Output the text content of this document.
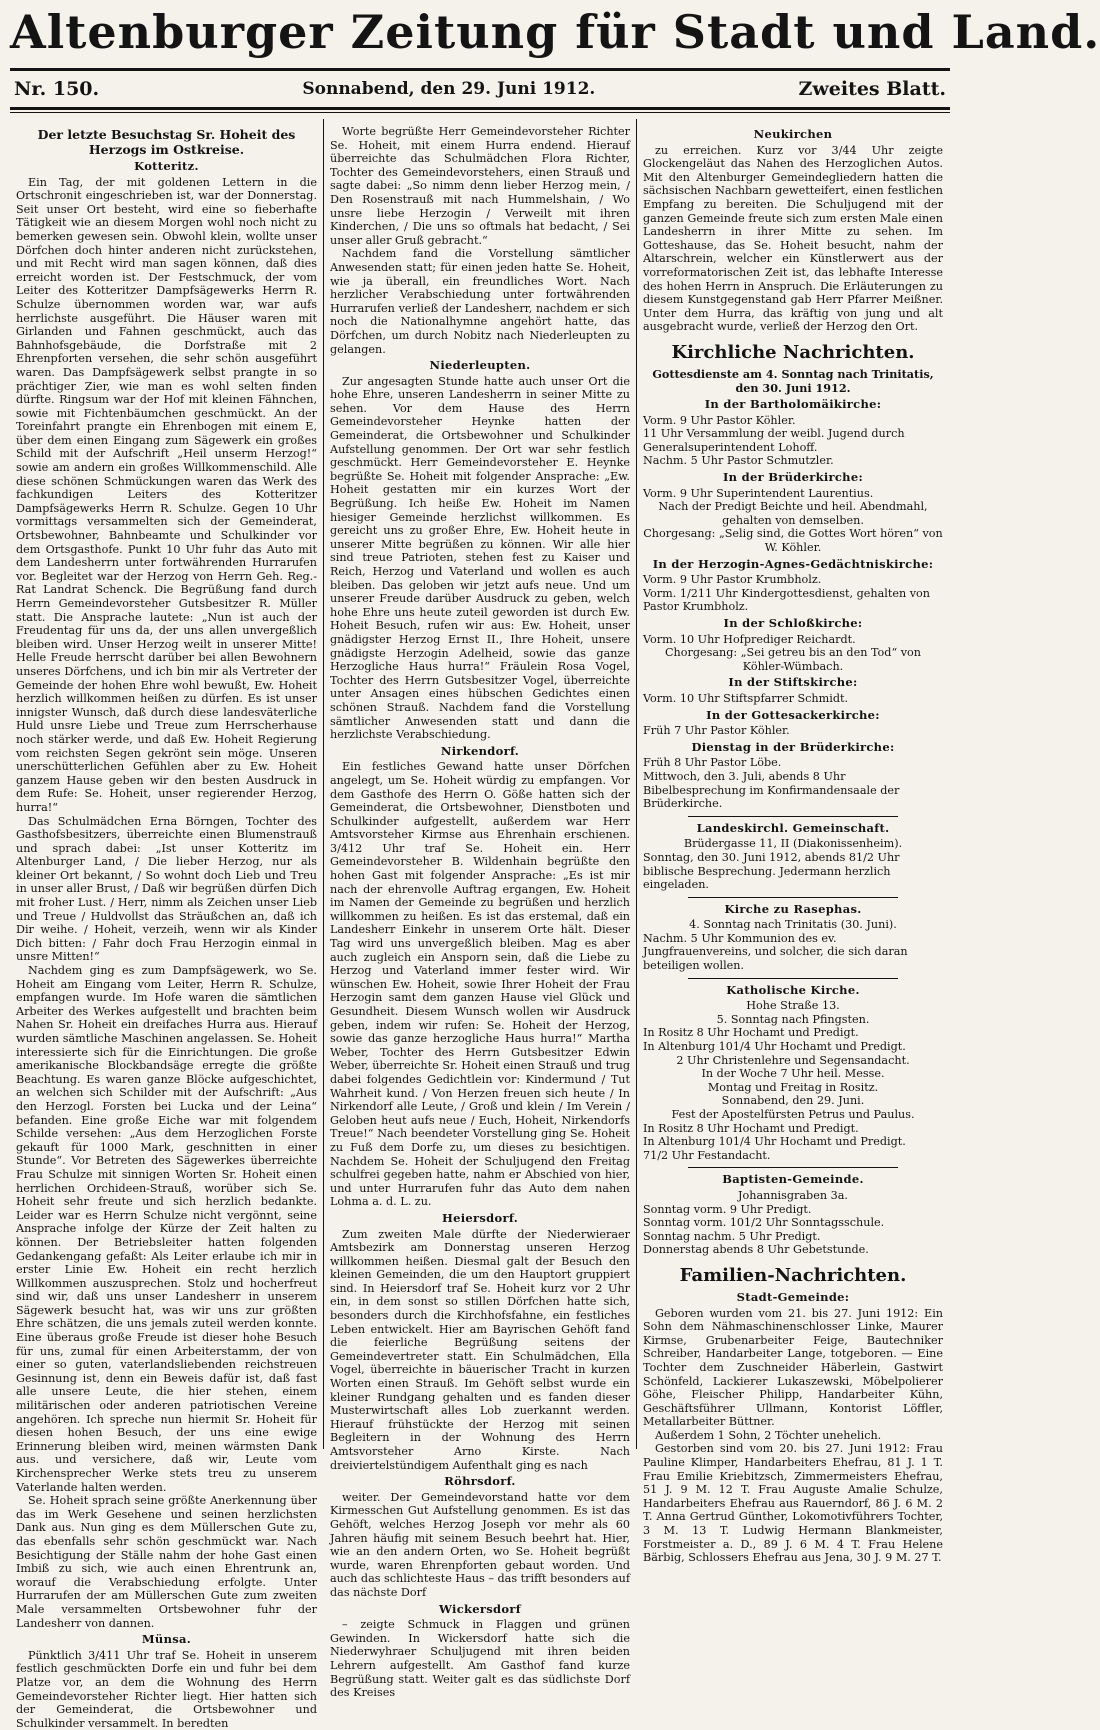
Altenburger Zeitung für Stadt und Land.
Nr. 150.	Sonnabend, den 29. Juni 1912.	Zweites Blatt.
Der letzte Besuchstag Sr. Hoheit des Herzogs im Ostkreise.
Kotteritz.

Ein Tag, der mit goldenen Lettern in die Ortschronit eingeschrieben ist, war der Donnerstag. Seit unser Ort besteht, wird eine so fieberhafte Tätigkeit wie an diesem Morgen wohl noch nicht zu bemerken gewesen sein. Obwohl klein, wollte unser Dörfchen doch hinter anderen nicht zurückstehen, und mit Recht wird man sagen können, daß dies erreicht worden ist. Der Festschmuck, der vom Leiter des Kotteritzer Dampfsägewerks Herrn R. Schulze übernommen worden war, war aufs herrlichste ausgeführt. Die Häuser waren mit Girlanden und Fahnen geschmückt, auch das Bahnhofsgebäude, die Dorfstraße mit 2 Ehrenpforten versehen, die sehr schön ausgeführt waren. Das Dampfsägewerk selbst prangte in so prächtiger Zier, wie man es wohl selten finden dürfte. Ringsum war der Hof mit kleinen Fähnchen, sowie mit Fichtenbäumchen geschmückt. An der Toreinfahrt prangte ein Ehrenbogen mit einem E, über dem einen Eingang zum Sägewerk ein großes Schild mit der Aufschrift „Heil unserm Herzog!“ sowie am andern ein großes Willkommenschild. Alle diese schönen Schmückungen waren das Werk des fachkundigen Leiters des Kotteritzer Dampfsägewerks Herrn R. Schulze. Gegen 10 Uhr vormittags versammelten sich der Gemeinderat, Ortsbewohner, Bahnbeamte und Schulkinder vor dem Ortsgasthofe. Punkt 10 Uhr fuhr das Auto mit dem Landesherrn unter fortwährenden Hurrarufen vor. Begleitet war der Herzog von Herrn Geh. Reg.-Rat Landrat Schenck. Die Begrüßung fand durch Herrn Gemeindevorsteher Gutsbesitzer R. Müller statt. Die Ansprache lautete: „Nun ist auch der Freudentag für uns da, der uns allen unvergeßlich bleiben wird. Unser Herzog weilt in unserer Mitte! Helle Freude herrscht darüber bei allen Bewohnern unseres Dörfchens, und ich bin mir als Vertreter der Gemeinde der hohen Ehre wohl bewußt, Ew. Hoheit herzlich willkommen heißen zu dürfen. Es ist unser innigster Wunsch, daß durch diese landesväterliche Huld unsre Liebe und Treue zum Herrscherhause noch stärker werde, und daß Ew. Hoheit Regierung vom reichsten Segen gekrönt sein möge. Unseren unerschütterlichen Gefühlen aber zu Ew. Hoheit ganzem Hause geben wir den besten Ausdruck in dem Rufe: Se. Hoheit, unser regierender Herzog, hurra!“

Das Schulmädchen Erna Börngen, Tochter des Gasthofsbesitzers, überreichte einen Blumenstrauß und sprach dabei: „Ist unser Kotteritz im Altenburger Land, / Die lieber Herzog, nur als kleiner Ort bekannt, / So wohnt doch Lieb und Treu in unser aller Brust, / Daß wir begrüßen dürfen Dich mit froher Lust. / Herr, nimm als Zeichen unser Lieb und Treue / Huldvollst das Sträußchen an, daß ich Dir weihe. / Hoheit, verzeih, wenn wir als Kinder Dich bitten: / Fahr doch Frau Herzogin einmal in unsre Mitten!“

Nachdem ging es zum Dampfsägewerk, wo Se. Hoheit am Eingang vom Leiter, Herrn R. Schulze, empfangen wurde. Im Hofe waren die sämtlichen Arbeiter des Werkes aufgestellt und brachten beim Nahen Sr. Hoheit ein dreifaches Hurra aus. Hierauf wurden sämtliche Maschinen angelassen. Se. Hoheit interessierte sich für die Einrichtungen. Die große amerikanische Blockbandsäge erregte die größte Beachtung. Es waren ganze Blöcke aufgeschichtet, an welchen sich Schilder mit der Aufschrift: „Aus den Herzogl. Forsten bei Lucka und der Leina“ befanden. Eine große Eiche war mit folgendem Schilde versehen: „Aus dem Herzoglichen Forste gekauft für 1000 Mark, geschnitten in einer Stunde“. Vor Betreten des Sägewerkes überreichte Frau Schulze mit sinnigen Worten Sr. Hoheit einen herrlichen Orchideen-Strauß, worüber sich Se. Hoheit sehr freute und sich herzlich bedankte. Leider war es Herrn Schulze nicht vergönnt, seine Ansprache infolge der Kürze der Zeit halten zu können. Der Betriebsleiter hatten folgenden Gedankengang gefaßt: Als Leiter erlaube ich mir in erster Linie Ew. Hoheit ein recht herzlich Willkommen auszusprechen. Stolz und hocherfreut sind wir, daß uns unser Landesherr in unserem Sägewerk besucht hat, was wir uns zur größten Ehre schätzen, die uns jemals zuteil werden konnte. Eine überaus große Freude ist dieser hohe Besuch für uns, zumal für einen Arbeiterstamm, der von einer so guten, vaterlandsliebenden reichstreuen Gesinnung ist, denn ein Beweis dafür ist, daß fast alle unsere Leute, die hier stehen, einem militärischen oder anderen patriotischen Vereine angehören. Ich spreche nun hiermit Sr. Hoheit für diesen hohen Besuch, der uns eine ewige Erinnerung bleiben wird, meinen wärmsten Dank aus. und versichere, daß wir, Leute vom Kirchensprecher Werke stets treu zu unserem Vaterlande halten werden.

Se. Hoheit sprach seine größte Anerkennung über das im Werk Gesehene und seinen herzlichsten Dank aus. Nun ging es dem Müllerschen Gute zu, das ebenfalls sehr schön geschmückt war. Nach Besichtigung der Ställe nahm der hohe Gast einen Imbiß zu sich, wie auch einen Ehrentrunk an, worauf die Verabschiedung erfolgte. Unter Hurrarufen der am Müllerschen Gute zum zweiten Male versammelten Ortsbewohner fuhr der Landesherr von dannen.

Münsa.

Pünktlich 3/411 Uhr traf Se. Hoheit in unserem festlich geschmückten Dorfe ein und fuhr bei dem Platze vor, an dem die Wohnung des Herrn Gemeindevorsteher Richter liegt. Hier hatten sich der Gemeinderat, die Ortsbewohner und Schulkinder versammelt. In beredten

Worte begrüßte Herr Gemeindevorsteher Richter Se. Hoheit, mit einem Hurra endend. Hierauf überreichte das Schulmädchen Flora Richter, Tochter des Gemeindevorstehers, einen Strauß und sagte dabei: „So nimm denn lieber Herzog mein, / Den Rosenstrauß mit nach Hummelshain, / Wo unsre liebe Herzogin / Verweilt mit ihren Kinderchen, / Die uns so oftmals hat bedacht, / Sei unser aller Gruß gebracht.“

Nachdem fand die Vorstellung sämtlicher Anwesenden statt; für einen jeden hatte Se. Hoheit, wie ja überall, ein freundliches Wort. Nach herzlicher Verabschiedung unter fortwährenden Hurrarufen verließ der Landesherr, nachdem er sich noch die Nationalhymne angehört hatte, das Dörfchen, um durch Nobitz nach Niederleupten zu gelangen.

Niederleupten.

Zur angesagten Stunde hatte auch unser Ort die hohe Ehre, unseren Landesherrn in seiner Mitte zu sehen. Vor dem Hause des Herrn Gemeindevorsteher Heynke hatten der Gemeinderat, die Ortsbewohner und Schulkinder Aufstellung genommen. Der Ort war sehr festlich geschmückt. Herr Gemeindevorsteher E. Heynke begrüßte Se. Hoheit mit folgender Ansprache: „Ew. Hoheit gestatten mir ein kurzes Wort der Begrüßung. Ich heiße Ew. Hoheit im Namen hiesiger Gemeinde herzlichst willkommen. Es gereicht uns zu großer Ehre, Ew. Hoheit heute in unserer Mitte begrüßen zu können. Wir alle hier sind treue Patrioten, stehen fest zu Kaiser und Reich, Herzog und Vaterland und wollen es auch bleiben. Das geloben wir jetzt aufs neue. Und um unserer Freude darüber Ausdruck zu geben, welch hohe Ehre uns heute zuteil geworden ist durch Ew. Hoheit Besuch, rufen wir aus: Ew. Hoheit, unser gnädigster Herzog Ernst II., Ihre Hoheit, unsere gnädigste Herzogin Adelheid, sowie das ganze Herzogliche Haus hurra!“ Fräulein Rosa Vogel, Tochter des Herrn Gutsbesitzer Vogel, überreichte unter Ansagen eines hübschen Gedichtes einen schönen Strauß. Nachdem fand die Vorstellung sämtlicher Anwesenden statt und dann die herzlichste Verabschiedung.

Nirkendorf.

Ein festliches Gewand hatte unser Dörfchen angelegt, um Se. Hoheit würdig zu empfangen. Vor dem Gasthofe des Herrn O. Göße hatten sich der Gemeinderat, die Ortsbewohner, Dienstboten und Schulkinder aufgestellt, außerdem war Herr Amtsvorsteher Kirmse aus Ehrenhain erschienen. 3/412 Uhr traf Se. Hoheit ein. Herr Gemeindevorsteher B. Wildenhain begrüßte den hohen Gast mit folgender Ansprache: „Es ist mir nach der ehrenvolle Auftrag ergangen, Ew. Hoheit im Namen der Gemeinde zu begrüßen und herzlich willkommen zu heißen. Es ist das erstemal, daß ein Landesherr Einkehr in unserem Orte hält. Dieser Tag wird uns unvergeßlich bleiben. Mag es aber auch zugleich ein Ansporn sein, daß die Liebe zu Herzog und Vaterland immer fester wird. Wir wünschen Ew. Hoheit, sowie Ihrer Hoheit der Frau Herzogin samt dem ganzen Hause viel Glück und Gesundheit. Diesem Wunsch wollen wir Ausdruck geben, indem wir rufen: Se. Hoheit der Herzog, sowie das ganze herzogliche Haus hurra!“ Martha Weber, Tochter des Herrn Gutsbesitzer Edwin Weber, überreichte Sr. Hoheit einen Strauß und trug dabei folgendes Gedichtlein vor: Kindermund / Tut Wahrheit kund. / Von Herzen freuen sich heute / In Nirkendorf alle Leute, / Groß und klein / Im Verein / Geloben heut aufs neue / Euch, Hoheit, Nirkendorfs Treue!“ Nach beendeter Vorstellung ging Se. Hoheit zu Fuß dem Dorfe zu, um dieses zu besichtigen. Nachdem Se. Hoheit der Schuljugend den Freitag schulfrei gegeben hatte, nahm er Abschied von hier, und unter Hurrarufen fuhr das Auto dem nahen Lohma a. d. L. zu.

Heiersdorf.

Zum zweiten Male dürfte der Niederwieraer Amtsbezirk am Donnerstag unseren Herzog willkommen heißen. Diesmal galt der Besuch den kleinen Gemeinden, die um den Hauptort gruppiert sind. In Heiersdorf traf Se. Hoheit kurz vor 2 Uhr ein, in dem sonst so stillen Dörfchen hatte sich, besonders durch die Kirchhofsfahne, ein festliches Leben entwickelt. Hier am Bayrischen Gehöft fand die feierliche Begrüßung seitens der Gemeindevertreter statt. Ein Schulmädchen, Ella Vogel, überreichte in bäuerischer Tracht in kurzen Worten einen Strauß. Im Gehöft selbst wurde ein kleiner Rundgang gehalten und es fanden dieser Musterwirtschaft alles Lob zuerkannt werden. Hierauf frühstückte der Herzog mit seinen Begleitern in der Wohnung des Herrn Amtsvorsteher Arno Kirste. Nach dreiviertelstündigem Aufenthalt ging es nach

Röhrsdorf.

weiter. Der Gemeindevorstand hatte vor dem Kirmesschen Gut Aufstellung genommen. Es ist das Gehöft, welches Herzog Joseph vor mehr als 60 Jahren häufig mit seinem Besuch beehrt hat. Hier, wie an den andern Orten, wo Se. Hoheit begrüßt wurde, waren Ehrenpforten gebaut worden. Und auch das schlichteste Haus – das trifft besonders auf das nächste Dorf

Wickersdorf

– zeigte Schmuck in Flaggen und grünen Gewinden. In Wickersdorf hatte sich die Niederwyhraer Schuljugend mit ihren beiden Lehrern aufgestellt. Am Gasthof fand kurze Begrüßung statt. Weiter galt es das südlichste Dorf des Kreises

Neukirchen

zu erreichen. Kurz vor 3/44 Uhr zeigte Glockengeläut das Nahen des Herzoglichen Autos. Mit den Altenburger Gemeindegliedern hatten die sächsischen Nachbarn gewetteifert, einen festlichen Empfang zu bereiten. Die Schuljugend mit der ganzen Gemeinde freute sich zum ersten Male einen Landesherrn in ihrer Mitte zu sehen. Im Gotteshause, das Se. Hoheit besucht, nahm der Altarschrein, welcher ein Künstlerwert aus der vorreformatorischen Zeit ist, das lebhafte Interesse des hohen Herrn in Anspruch. Die Erläuterungen zu diesem Kunstgegenstand gab Herr Pfarrer Meißner. Unter dem Hurra, das kräftig von jung und alt ausgebracht wurde, verließ der Herzog den Ort.

Kirchliche Nachrichten.

Gottesdienste am 4. Sonntag nach Trinitatis, den 30. Juni 1912.

In der Bartholomäikirche:

Vorm. 9 Uhr Pastor Köhler.

11 Uhr Versammlung der weibl. Jugend durch Generalsuperintendent Lohoff.

Nachm. 5 Uhr Pastor Schmutzler.

In der Brüderkirche:

Vorm. 9 Uhr Superintendent Laurentius.

Nach der Predigt Beichte und heil. Abendmahl, gehalten von demselben.

Chorgesang: „Selig sind, die Gottes Wort hören“ von W. Köhler.

In der Herzogin-Agnes-Gedächtniskirche:

Vorm. 9 Uhr Pastor Krumbholz.

Vorm. 1/211 Uhr Kindergottesdienst, gehalten von Pastor Krumbholz.

In der Schloßkirche:

Vorm. 10 Uhr Hofprediger Reichardt.

Chorgesang: „Sei getreu bis an den Tod“ von Köhler-Wümbach.

In der Stiftskirche:

Vorm. 10 Uhr Stiftspfarrer Schmidt.

In der Gottesackerkirche:

Früh 7 Uhr Pastor Köhler.

Dienstag in der Brüderkirche:

Früh 8 Uhr Pastor Löbe.

Mittwoch, den 3. Juli, abends 8 Uhr Bibelbesprechung im Konfirmandensaale der Brüderkirche.

Landeskirchl. Gemeinschaft.

Brüdergasse 11, II (Diakonissenheim).

Sonntag, den 30. Juni 1912, abends 81/2 Uhr biblische Besprechung. Jedermann herzlich eingeladen.

Kirche zu Rasephas.

4. Sonntag nach Trinitatis (30. Juni).

Nachm. 5 Uhr Kommunion des ev. Jungfrauenvereins, und solcher, die sich daran beteiligen wollen.

Katholische Kirche.

Hohe Straße 13.

5. Sonntag nach Pfingsten.

In Rositz 8 Uhr Hochamt und Predigt.

In Altenburg 101/4 Uhr Hochamt und Predigt.

2 Uhr Christenlehre und Segensandacht.

In der Woche 7 Uhr heil. Messe.

Montag und Freitag in Rositz.

Sonnabend, den 29. Juni.

Fest der Apostelfürsten Petrus und Paulus.

In Rositz 8 Uhr Hochamt und Predigt.

In Altenburg 101/4 Uhr Hochamt und Predigt.

71/2 Uhr Festandacht.

Baptisten-Gemeinde.

Johannisgraben 3a.

Sonntag vorm. 9 Uhr Predigt.

Sonntag vorm. 101/2 Uhr Sonntagsschule.

Sonntag nachm. 5 Uhr Predigt.

Donnerstag abends 8 Uhr Gebetstunde.

Familien-Nachrichten.
Stadt-Gemeinde:

Geboren wurden vom 21. bis 27. Juni 1912: Ein Sohn dem Nähmaschinenschlosser Linke, Maurer Kirmse, Grubenarbeiter Feige, Bautechniker Schreiber, Handarbeiter Lange, totgeboren. — Eine Tochter dem Zuschneider Häberlein, Gastwirt Schönfeld, Lackierer Lukaszewski, Möbelpolierer Göhe, Fleischer Philipp, Handarbeiter Kühn, Geschäftsführer Ullmann, Kontorist Löffler, Metallarbeiter Büttner.

Außerdem 1 Sohn, 2 Töchter unehelich.

Gestorben sind vom 20. bis 27. Juni 1912: Frau Pauline Klimper, Handarbeiters Ehefrau, 81 J. 1 T. Frau Emilie Kriebitzsch, Zimmermeisters Ehefrau, 51 J. 9 M. 12 T. Frau Auguste Amalie Schulze, Handarbeiters Ehefrau aus Rauerndorf, 86 J. 6 M. 2 T. Anna Gertrud Günther, Lokomotivführers Tochter, 3 M. 13 T. Ludwig Hermann Blankmeister, Forstmeister a. D., 89 J. 6 M. 4 T. Frau Helene Bärbig, Schlossers Ehefrau aus Jena, 30 J. 9 M. 27 T.
